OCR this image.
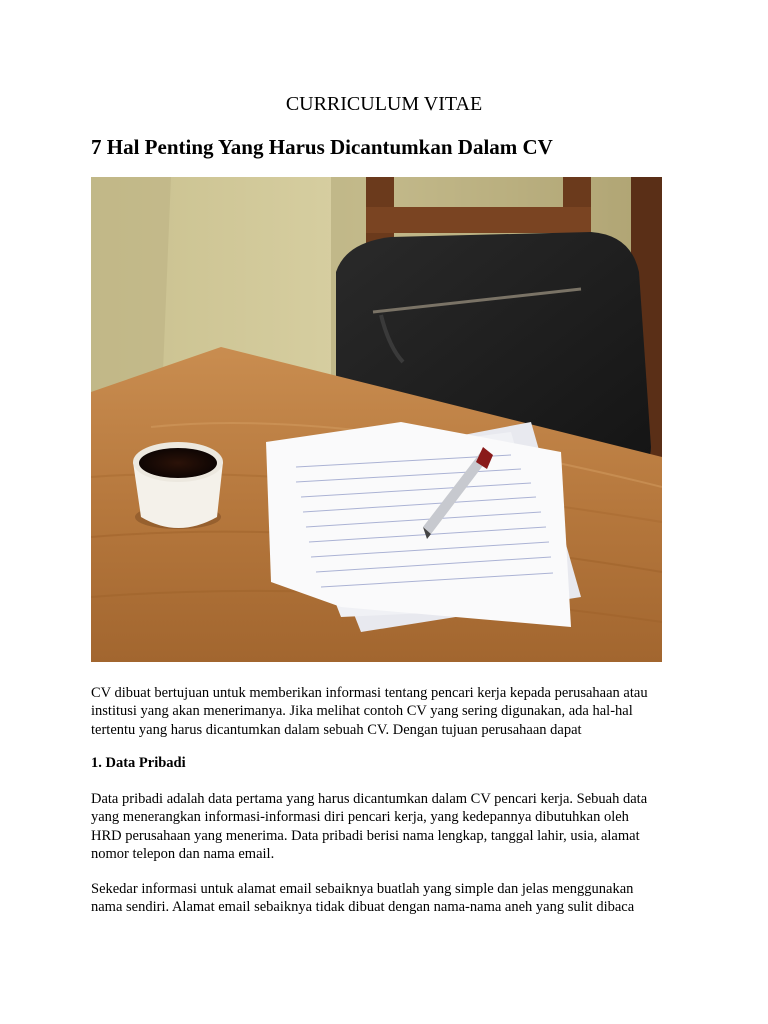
CURRICULUM VITAE
7 Hal Penting Yang Harus Dicantumkan Dalam CV

CV dibuat bertujuan untuk memberikan informasi tentang pencari kerja kepada perusahaan atau
institusi yang akan menerimanya. Jika melihat contoh CV yang sering digunakan, ada hal-hal
tertentu yang harus dicantumkan dalam sebuah CV. Dengan tujuan perusahaan dapat

1. Data Pribadi

Data pribadi adalah data pertama yang harus dicantumkan dalam CV pencari kerja. Sebuah data
yang menerangkan informasi-informasi diri pencari kerja, yang kedepannya dibutuhkan oleh
HRD perusahaan yang menerima. Data pribadi berisi nama lengkap, tanggal lahir, usia, alamat
nomor telepon dan nama email.

Sekedar informasi untuk alamat email sebaiknya buatlah yang simple dan jelas menggunakan
nama sendiri. Alamat email sebaiknya tidak dibuat dengan nama-nama aneh yang sulit dibaca
